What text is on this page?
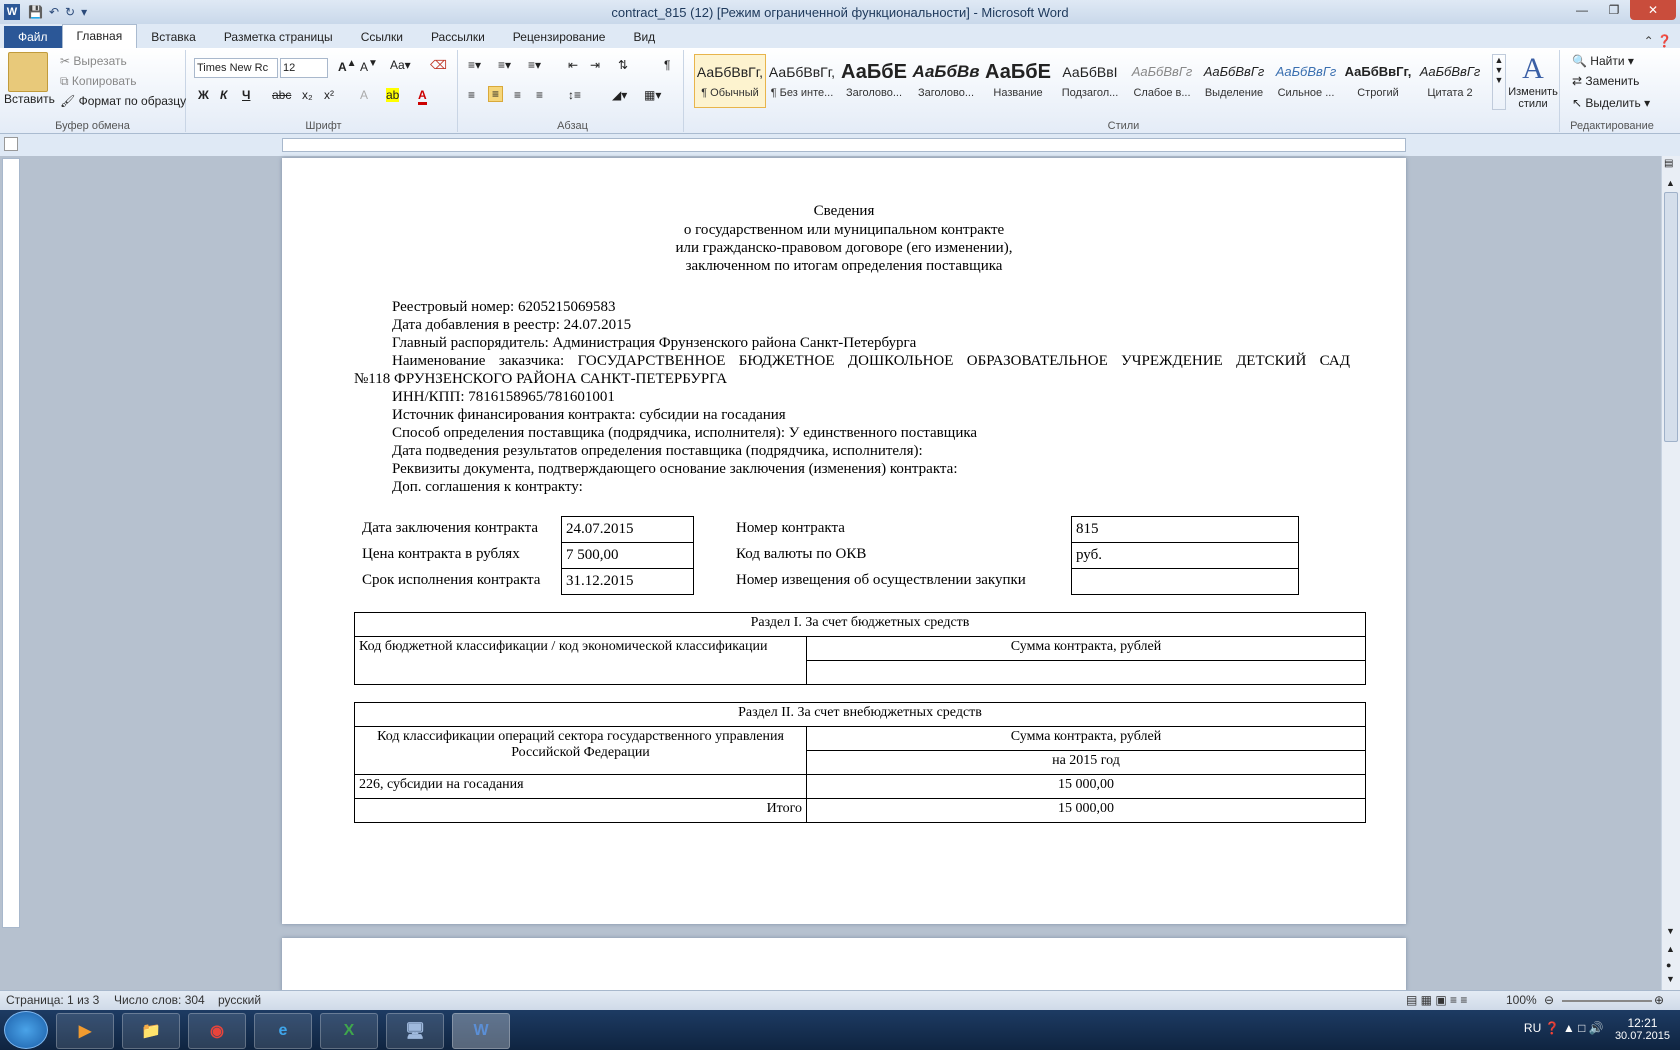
W 💾 ↶ ↻ ▾	contract_815 (12) [Режим ограниченной функциональности] - Microsoft Word	—	❐	✕
Файл	Главная	Вставка	Разметка страницы	Ссылки	Рассылки	Рецензирование	Вид	⌃ ❓
Вставить
✂ Вырезать
⧉ Копировать
🖌 Формат по образцу
Буфер обмена
Times New Rc	12	A▲ A▼ Aa▾ ⌫
Ж К Ч abc x₂ x² A ab A
Шрифт
≡▾ ≡▾ ≡▾ ⇤ ⇥ ⇅	¶
≡	≡	≡ ≡ ↕≡	◢▾ ▦▾
Абзац	Стили
АаБбВвГг,
¶ Обычный
АаБбВвГг,
¶ Без инте...
АаБбЕ
Заголово...
АаБбВв
Заголово...
АаБбЕ
Название
АаБбВвІ
Подзагол...
АаБбВвГг
Слабое в...
АаБбВвГг
Выделение
АаБбВвГг
Сильное ...
АаБбВвГг,
Строгий
АаБбВвГг
Цитата 2
▲
▼
▼ A
Изменить стили
🔍 Найти ▾
⇄ Заменить
↖ Выделить ▾
Редактирование
Сведения
о государственном или муниципальном контракте
или гражданско-правовом договоре (его изменении),
заключенном по итогам определения поставщика
Реестровый номер: 6205215069583
Дата добавления в реестр: 24.07.2015
Главный распорядитель: Администрация Фрунзенского района Санкт-Петербурга
Наименование заказчика: ГОСУДАРСТВЕННОЕ БЮДЖЕТНОЕ ДОШКОЛЬНОЕ ОБРАЗОВАТЕЛЬНОЕ УЧРЕЖДЕНИЕ ДЕТСКИЙ САД
№118 ФРУНЗЕНСКОГО РАЙОНА САНКТ-ПЕТЕРБУРГА
ИНН/КПП: 7816158965/781601001
Источник финансирования контракта: субсидии на госадания
Способ определения поставщика (подрядчика, исполнителя): У единственного поставщика
Дата подведения результатов определения поставщика (подрядчика, исполнителя):
Реквизиты документа, подтверждающего основание заключения (изменения) контракта:
Доп. соглашения к контракту:
Дата заключения контракта	24.07.2015
Цена контракта в рублях	7 500,00
Срок исполнения контракта	31.12.2015
Номер контракта	815
Код валюты по ОКВ	руб.
Номер извещения об осуществлении закупки
Раздел I. За счет бюджетных средств
Код бюджетной классификации / код экономической классификации	Сумма контракта, рублей

Раздел II. За счет внебюджетных средств	
Код классификации операций сектора государственного управления Российской Федерации	Сумма контракта, рублей
	на 2015 год
226, субсидии на госадания	15 000,00
Итого	15 000,00
▤
▲
▼
▲
●
▼
Страница: 1 из 3 Число слов: 304 русский	▤ ▦ ▣ ≡ ≡	100% ⊖	⊕
▶	📁	◉	e	X	🖥	W	RU ❓ ▲ □ 🔊	12:21
30.07.2015
